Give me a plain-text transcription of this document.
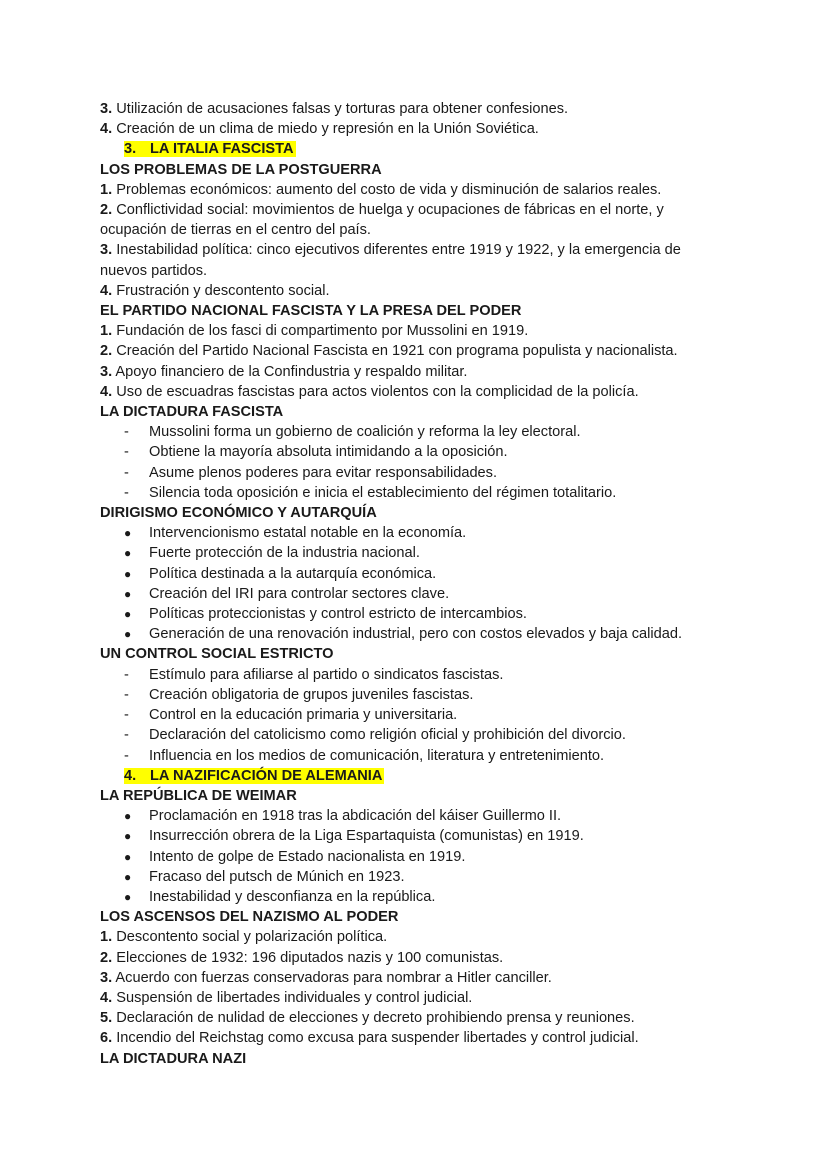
3. Utilización de acusaciones falsas y torturas para obtener confesiones.
4. Creación de un clima de miedo y represión en la Unión Soviética.
3. LA ITALIA FASCISTA
LOS PROBLEMAS DE LA POSTGUERRA
1. Problemas económicos: aumento del costo de vida y disminución de salarios reales.
2. Conflictividad social: movimientos de huelga y ocupaciones de fábricas en el norte, y
ocupación de tierras en el centro del país.
3. Inestabilidad política: cinco ejecutivos diferentes entre 1919 y 1922, y la emergencia de
nuevos partidos.
4. Frustración y descontento social.
EL PARTIDO NACIONAL FASCISTA Y LA PRESA DEL PODER
1. Fundación de los fasci di compartimento por Mussolini en 1919.
2. Creación del Partido Nacional Fascista en 1921 con programa populista y nacionalista.
3. Apoyo financiero de la Confindustria y respaldo militar.
4. Uso de escuadras fascistas para actos violentos con la complicidad de la policía.
LA DICTADURA FASCISTA
- Mussolini forma un gobierno de coalición y reforma la ley electoral.
- Obtiene la mayoría absoluta intimidando a la oposición.
- Asume plenos poderes para evitar responsabilidades.
- Silencia toda oposición e inicia el establecimiento del régimen totalitario.
DIRIGISMO ECONÓMICO Y AUTARQUÍA
● Intervencionismo estatal notable en la economía.
● Fuerte protección de la industria nacional.
● Política destinada a la autarquía económica.
● Creación del IRI para controlar sectores clave.
● Políticas proteccionistas y control estricto de intercambios.
● Generación de una renovación industrial, pero con costos elevados y baja calidad.
UN CONTROL SOCIAL ESTRICTO
- Estímulo para afiliarse al partido o sindicatos fascistas.
- Creación obligatoria de grupos juveniles fascistas.
- Control en la educación primaria y universitaria.
- Declaración del catolicismo como religión oficial y prohibición del divorcio.
- Influencia en los medios de comunicación, literatura y entretenimiento.
4. LA NAZIFICACIÓN DE ALEMANIA
LA REPÚBLICA DE WEIMAR
● Proclamación en 1918 tras la abdicación del káiser Guillermo II.
● Insurrección obrera de la Liga Espartaquista (comunistas) en 1919.
● Intento de golpe de Estado nacionalista en 1919.
● Fracaso del putsch de Múnich en 1923.
● Inestabilidad y desconfianza en la república.
LOS ASCENSOS DEL NAZISMO AL PODER
1. Descontento social y polarización política.
2. Elecciones de 1932: 196 diputados nazis y 100 comunistas.
3. Acuerdo con fuerzas conservadoras para nombrar a Hitler canciller.
4. Suspensión de libertades individuales y control judicial.
5. Declaración de nulidad de elecciones y decreto prohibiendo prensa y reuniones.
6. Incendio del Reichstag como excusa para suspender libertades y control judicial.
LA DICTADURA NAZI
